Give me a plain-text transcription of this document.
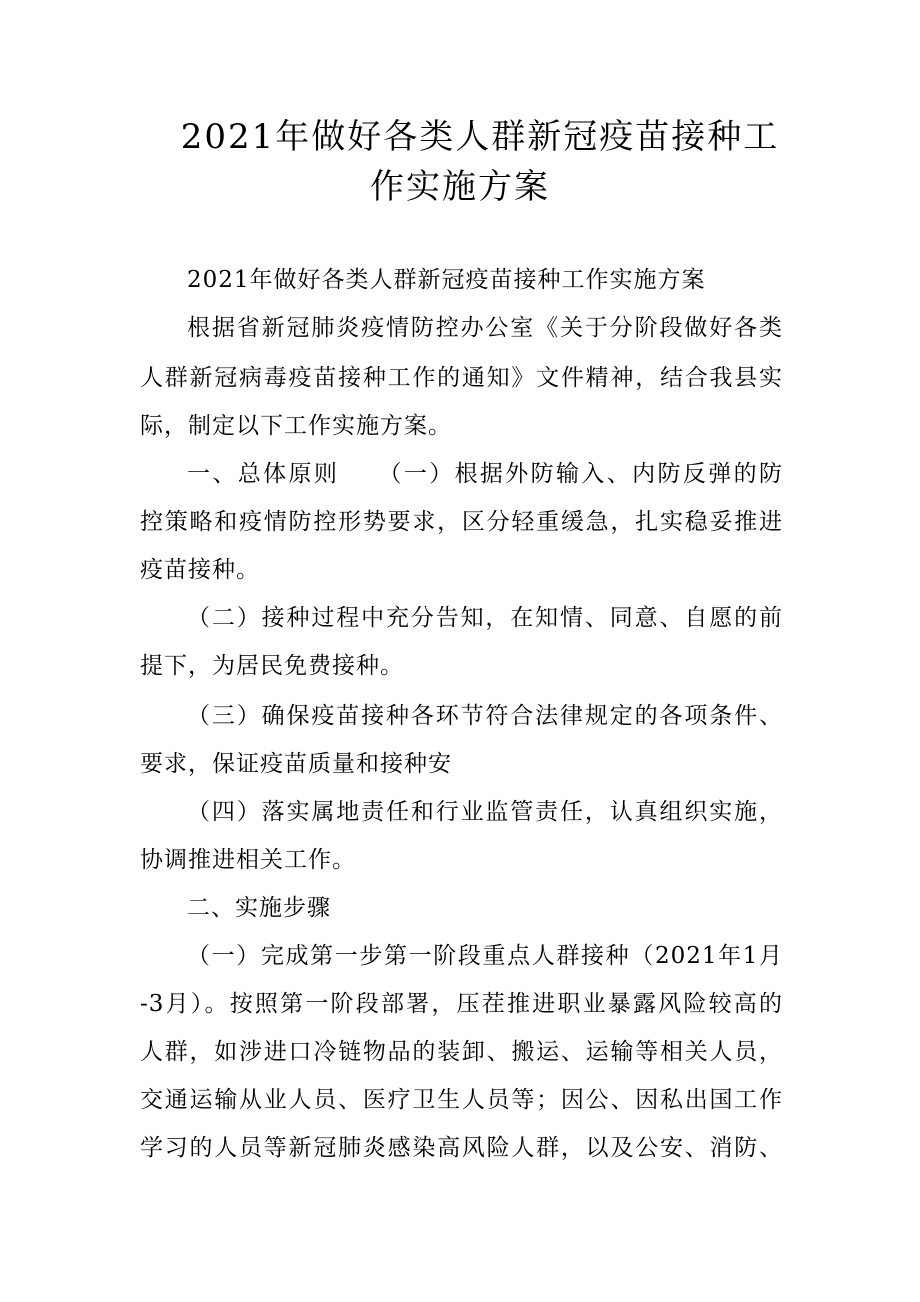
2021年做好各类人群新冠疫苗接种工
作实施方案
2021年做好各类人群新冠疫苗接种工作实施方案
根据省新冠肺炎疫情防控办公室《关于分阶段做好各类
人群新冠病毒疫苗接种工作的通知》文件精神，结合我县实
际，制定以下工作实施方案。
一、总体原则　　（一）根据外防输入、内防反弹的防
控策略和疫情防控形势要求，区分轻重缓急，扎实稳妥推进
疫苗接种。
（二）接种过程中充分告知，在知情、同意、自愿的前
提下，为居民免费接种。
（三）确保疫苗接种各环节符合法律规定的各项条件、
要求，保证疫苗质量和接种安
（四）落实属地责任和行业监管责任，认真组织实施，
协调推进相关工作。
二、实施步骤
（一）完成第一步第一阶段重点人群接种（2021年1月
-3月）。按照第一阶段部署，压茬推进职业暴露风险较高的
人群，如涉进口冷链物品的装卸、搬运、运输等相关人员，
交通运输从业人员、医疗卫生人员等；因公、因私出国工作
学习的人员等新冠肺炎感染高风险人群，以及公安、消防、
